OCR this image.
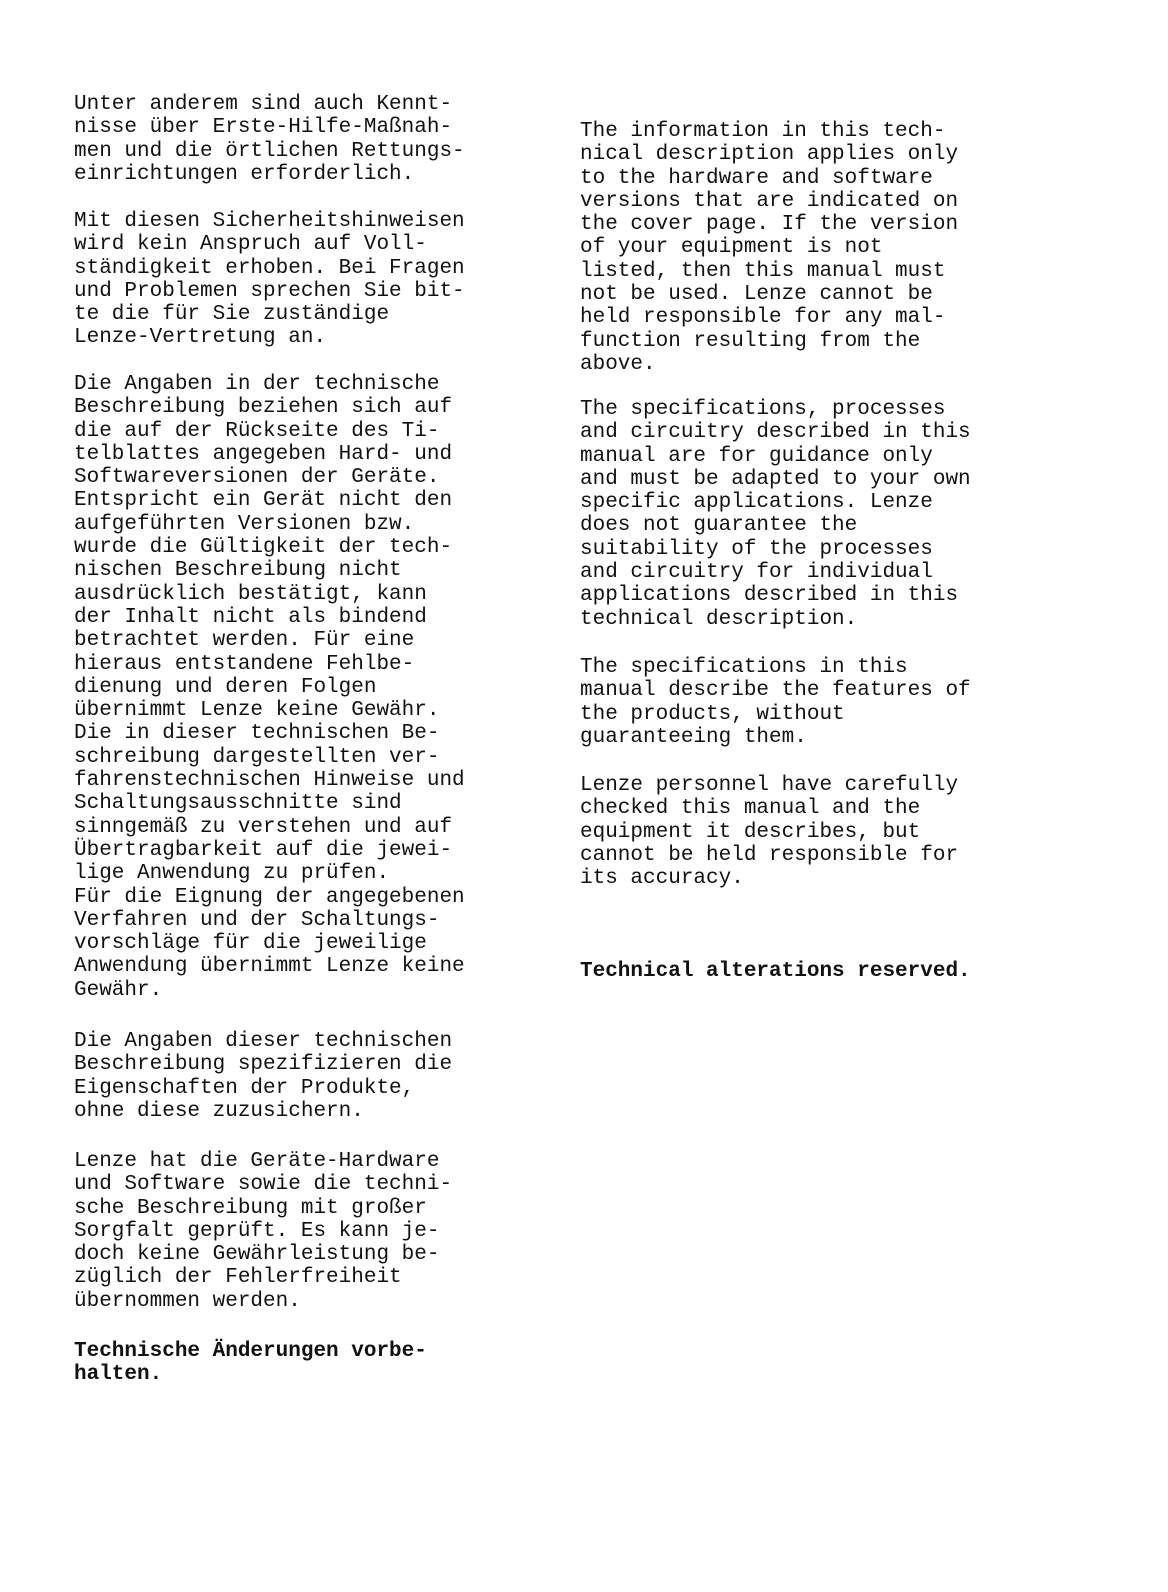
Unter anderem sind auch Kennt-
nisse über Erste-Hilfe-Maßnah-
men und die örtlichen Rettungs-
einrichtungen erforderlich.

Mit diesen Sicherheitshinweisen
wird kein Anspruch auf Voll-
ständigkeit erhoben. Bei Fragen
und Problemen sprechen Sie bit-
te die für Sie zuständige
Lenze-Vertretung an.

Die Angaben in der technische
Beschreibung beziehen sich auf
die auf der Rückseite des Ti-
telblattes angegeben Hard- und
Softwareversionen der Geräte.
Entspricht ein Gerät nicht den
aufgeführten Versionen bzw.
wurde die Gültigkeit der tech-
nischen Beschreibung nicht
ausdrücklich bestätigt, kann
der Inhalt nicht als bindend
betrachtet werden. Für eine
hieraus entstandene Fehlbe-
dienung und deren Folgen
übernimmt Lenze keine Gewähr.
Die in dieser technischen Be-
schreibung dargestellten ver-
fahrenstechnischen Hinweise und
Schaltungsausschnitte sind
sinngemäß zu verstehen und auf
Übertragbarkeit auf die jewei-
lige Anwendung zu prüfen.
Für die Eignung der angegebenen
Verfahren und der Schaltungs-
vorschläge für die jeweilige
Anwendung übernimmt Lenze keine
Gewähr.

Die Angaben dieser technischen
Beschreibung spezifizieren die
Eigenschaften der Produkte,
ohne diese zuzusichern.

Lenze hat die Geräte-Hardware
und Software sowie die techni-
sche Beschreibung mit großer
Sorgfalt geprüft. Es kann je-
doch keine Gewährleistung be-
züglich der Fehlerfreiheit
übernommen werden.

Technische Änderungen vorbe-
halten.

The information in this tech-
nical description applies only
to the hardware and software
versions that are indicated on
the cover page. If the version
of your equipment is not
listed, then this manual must
not be used. Lenze cannot be
held responsible for any mal-
function resulting from the
above.

The specifications, processes
and circuitry described in this
manual are for guidance only
and must be adapted to your own
specific applications. Lenze
does not guarantee the
suitability of the processes
and circuitry for individual
applications described in this
technical description.

The specifications in this
manual describe the features of
the products, without
guaranteeing them.

Lenze personnel have carefully
checked this manual and the
equipment it describes, but
cannot be held responsible for
its accuracy.

Technical alterations reserved.
